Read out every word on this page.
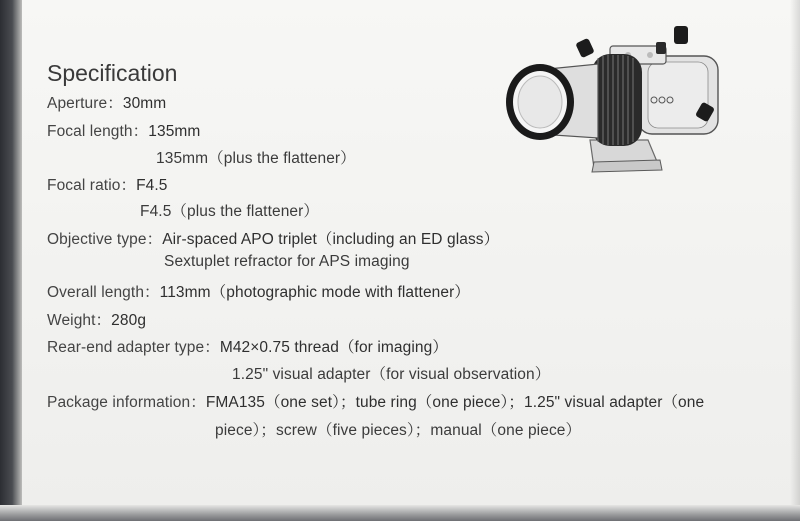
Specification
Aperture：30mm
Focal length：135mm
135mm（plus the flattener）
Focal ratio：F4.5
F4.5（plus the flattener）
Objective type：Air-spaced APO triplet（including an ED glass）
Sextuplet refractor for APS imaging
Overall length：113mm（photographic mode with flattener）
Weight：280g
Rear-end adapter type：M42×0.75 thread（for imaging）
1.25" visual adapter（for visual observation）
Package information：FMA135（one set）；tube ring（one piece）；1.25" visual adapter（one
piece）；screw（five pieces）；manual（one piece）
